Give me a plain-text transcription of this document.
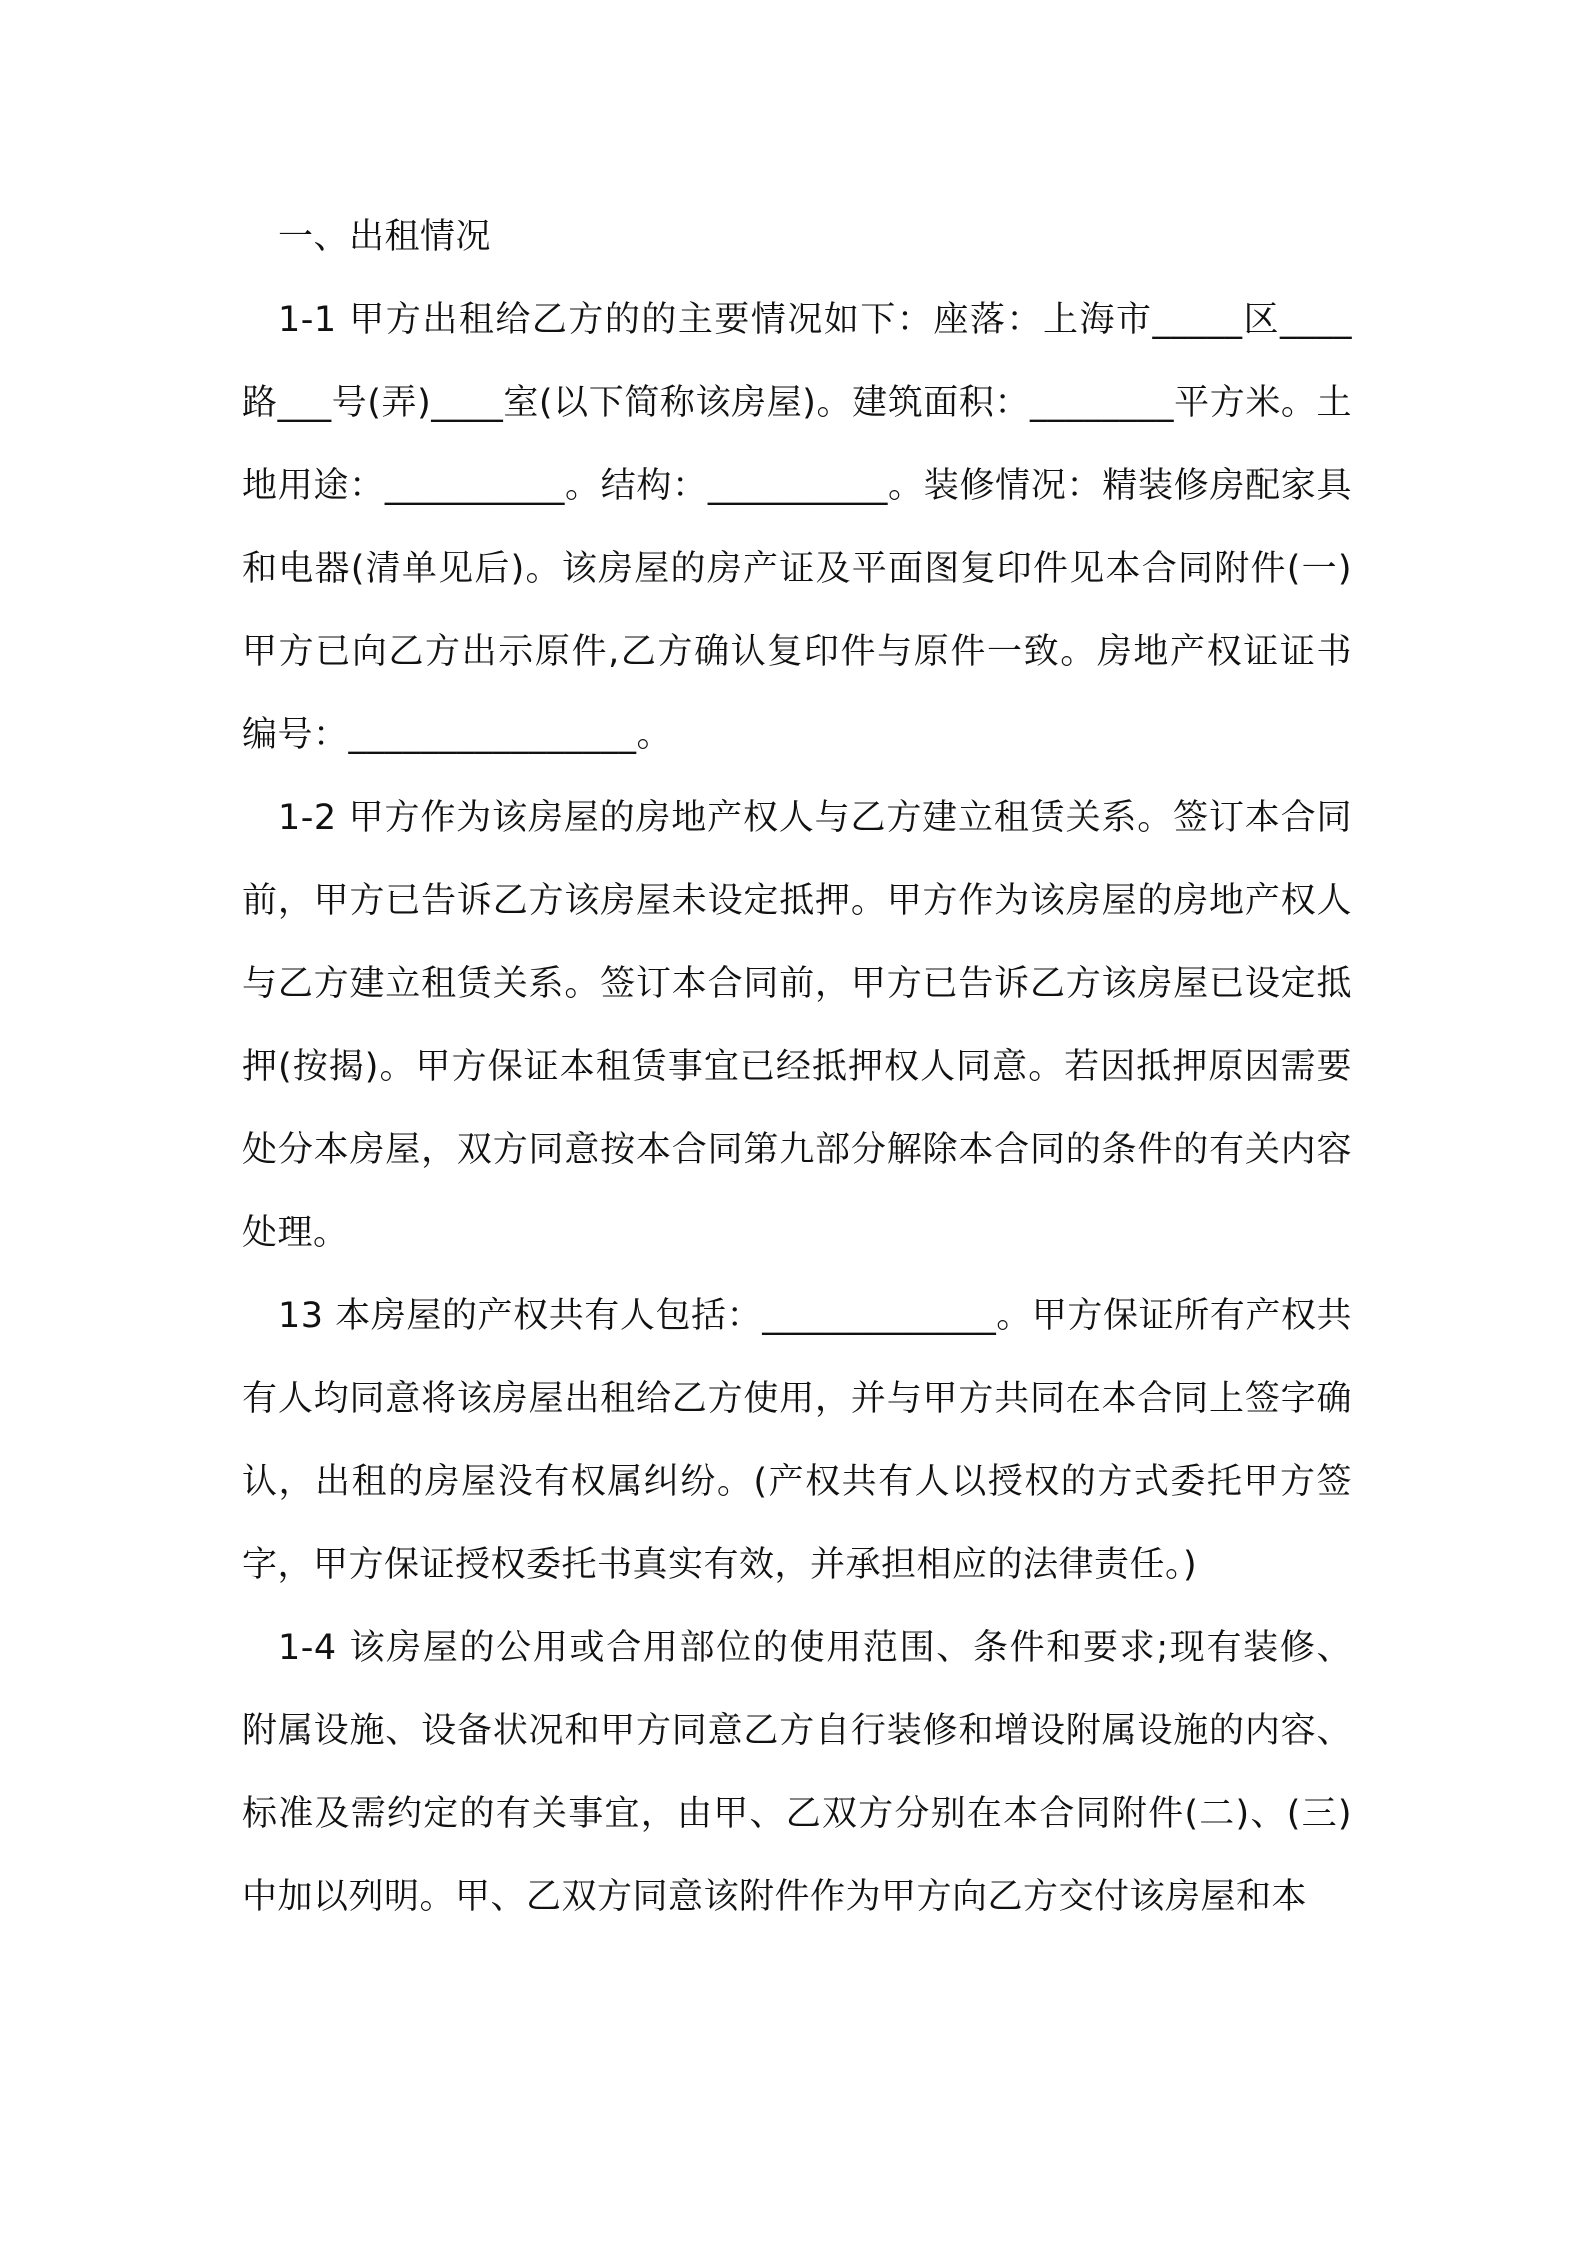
一、出租情况

1-1 甲方出租给乙方的的主要情况如下：座落：上海市_____区____路___号(弄)____室(以下简称该房屋)。建筑面积：________平方米。土地用途：__________。结构：__________。装修情况：精装修房配家具和电器(清单见后)。该房屋的房产证及平面图复印件见本合同附件(一)甲方已向乙方出示原件,乙方确认复印件与原件一致。房地产权证证书编号：________________。

1-2 甲方作为该房屋的房地产权人与乙方建立租赁关系。签订本合同前，甲方已告诉乙方该房屋未设定抵押。甲方作为该房屋的房地产权人与乙方建立租赁关系。签订本合同前，甲方已告诉乙方该房屋已设定抵押(按揭)。甲方保证本租赁事宜已经抵押权人同意。若因抵押原因需要处分本房屋，双方同意按本合同第九部分解除本合同的条件的有关内容处理。

13 本房屋的产权共有人包括：_____________。甲方保证所有产权共有人均同意将该房屋出租给乙方使用，并与甲方共同在本合同上签字确认，出租的房屋没有权属纠纷。(产权共有人以授权的方式委托甲方签字，甲方保证授权委托书真实有效，并承担相应的法律责任。)

1-4 该房屋的公用或合用部位的使用范围、条件和要求;现有装修、附属设施、设备状况和甲方同意乙方自行装修和增设附属设施的内容、标准及需约定的有关事宜，由甲、乙双方分别在本合同附件(二)、(三)中加以列明。甲、乙双方同意该附件作为甲方向乙方交付该房屋和本
